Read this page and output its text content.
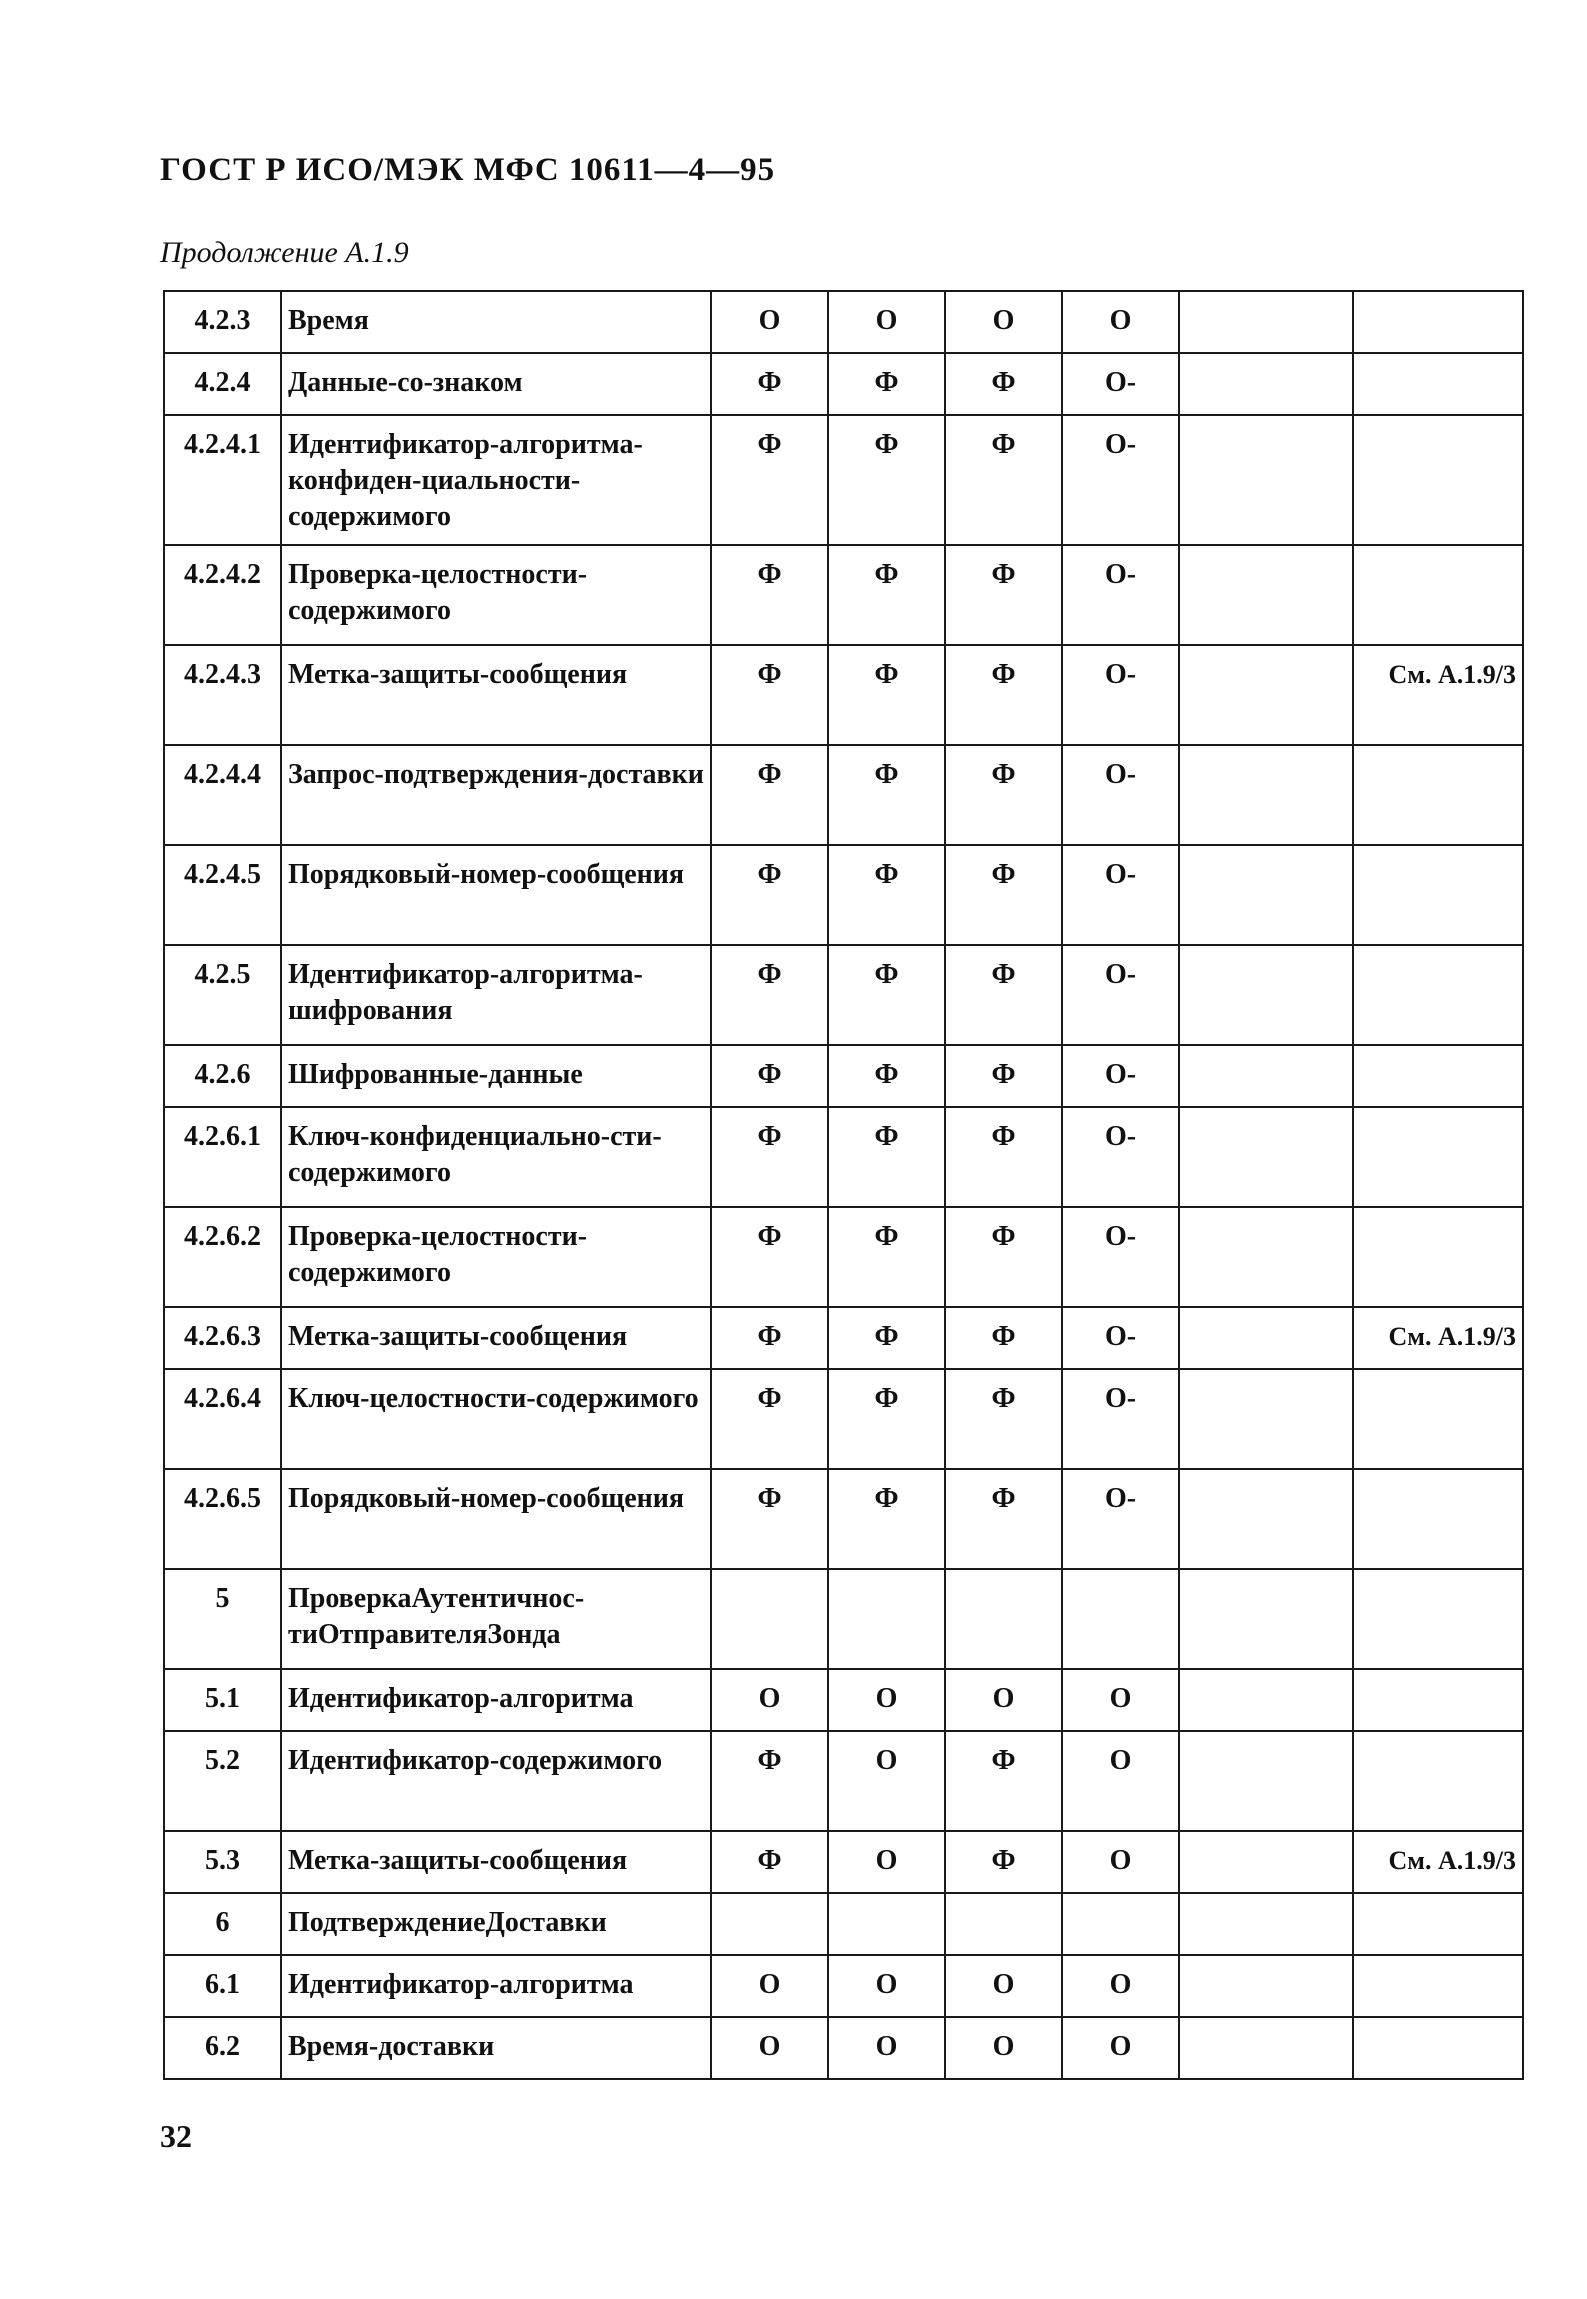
ГОСТ Р ИСО/МЭК МФС 10611—4—95
Продолжение А.1.9
4.2.3	Время	О	О	О	О		
4.2.4	Данные-со-знаком	Ф	Ф	Ф	О-		
4.2.4.1	Идентификатор-алгоритма-конфиден-циальности-содержимого	Ф	Ф	Ф	О-		
4.2.4.2	Проверка-целостности-содержимого	Ф	Ф	Ф	О-		
4.2.4.3	Метка-защиты-сообщения	Ф	Ф	Ф	О-		См. А.1.9/3
4.2.4.4	Запрос-подтверждения-доставки	Ф	Ф	Ф	О-		
4.2.4.5	Порядковый-номер-сообщения	Ф	Ф	Ф	О-		
4.2.5	Идентификатор-алгоритма-шифрования	Ф	Ф	Ф	О-		
4.2.6	Шифрованные-данные	Ф	Ф	Ф	О-		
4.2.6.1	Ключ-конфиденциально-сти-содержимого	Ф	Ф	Ф	О-		
4.2.6.2	Проверка-целостности-содержимого	Ф	Ф	Ф	О-		
4.2.6.3	Метка-защиты-сообщения	Ф	Ф	Ф	О-		См. А.1.9/3
4.2.6.4	Ключ-целостности-содержимого	Ф	Ф	Ф	О-		
4.2.6.5	Порядковый-номер-сообщения	Ф	Ф	Ф	О-		
5	ПроверкаАутентичнос-тиОтправителяЗонда						
5.1	Идентификатор-алгоритма	О	О	О	О		
5.2	Идентификатор-содержимого	Ф	О	Ф	О		
5.3	Метка-защиты-сообщения	Ф	О	Ф	О		См. А.1.9/3
6	ПодтверждениеДоставки						
6.1	Идентификатор-алгоритма	О	О	О	О		
6.2	Время-доставки	О	О	О	О		
32
